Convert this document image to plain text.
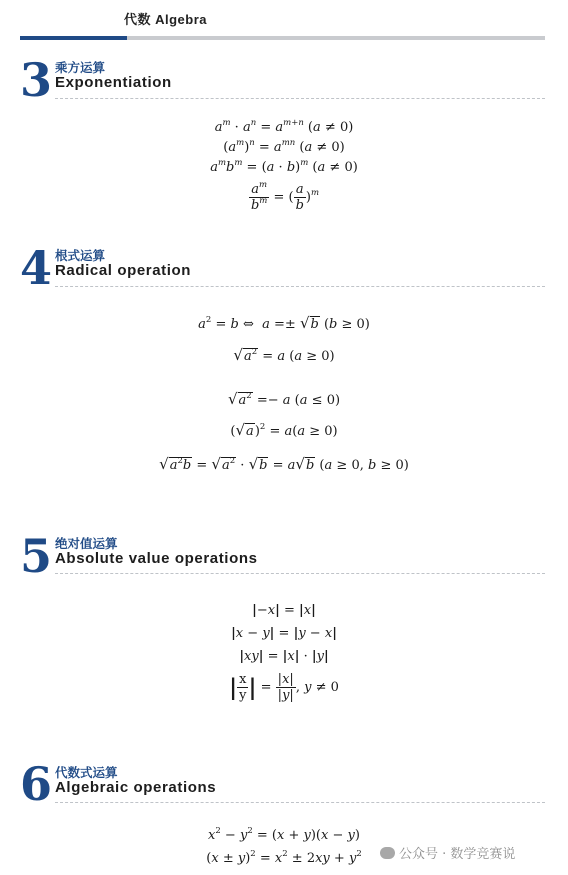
代数 Algebra
3 乘方运算
Exponentiation
$a^m \cdot a^n = a^{m+n}$ (a ≠ 0)
$(a^m)^n = a^{mn}$ (a ≠ 0)
$a^mb^m = (a \cdot b)^m$ (a ≠ 0)
$\frac{a^m}{b^m}$ = ( $\frac{a}{b} )^m$
4 根式运算
Radical operation
$a^2 = b$ ⇔  a =± √b (b ≥ 0)
$√a^2 = a$ (a ≥ 0)
$√a^2 =- a$ (a ≤ 0)
$(√a)^2 = a(a \ge 0)$
$√a^2b = √a^2 \cdot √b = a√b$ (a ≥ 0, b ≥ 0)
5 绝对值运算
Absolute value operations
|−x| = |x|
|x − y| = |y − x|
|xy| = |x| · |y|
| $\frac{x}{y}$ | = $\frac{|x|}{|y|}$ , y ≠ 0
6 代数式运算
Algebraic operations
$x^2 - y^2 = (x + y)(x - y)$
$(x \pm y)^2 = x^2 \pm 2xy + y^2$	公众号 · 数学竞赛说
